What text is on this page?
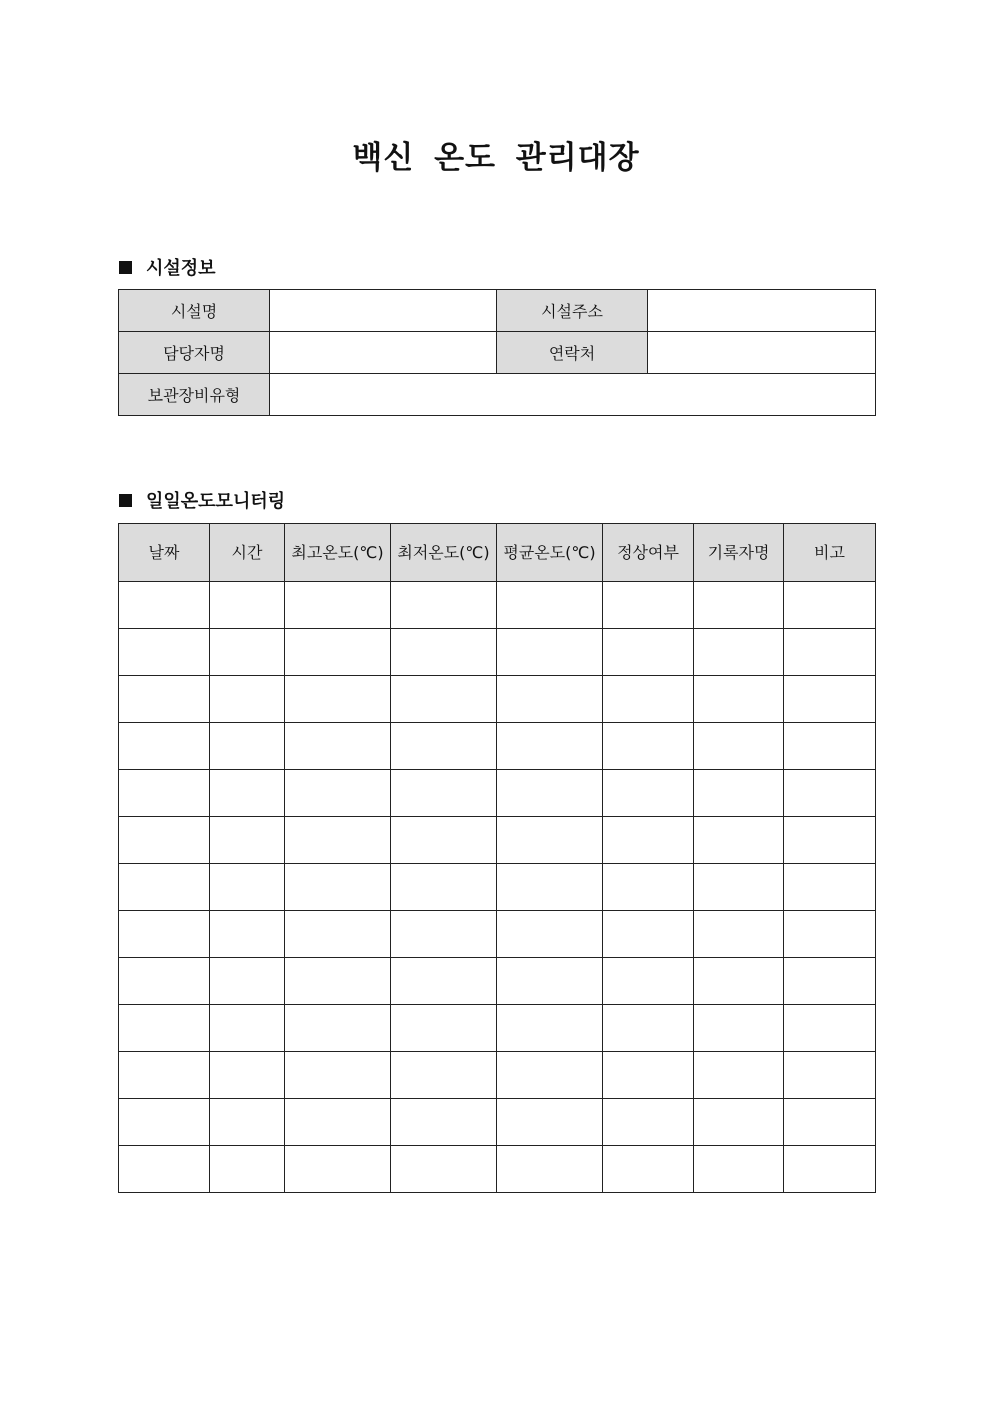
백신 온도 관리대장
시설정보
시설명		시설주소	
담당자명		연락처	
보관장비유형			
일일온도모니터링
날짜	시간	최고온도(℃)	최저온도(℃)	평균온도(℃)	정상여부	기록자명	비고
